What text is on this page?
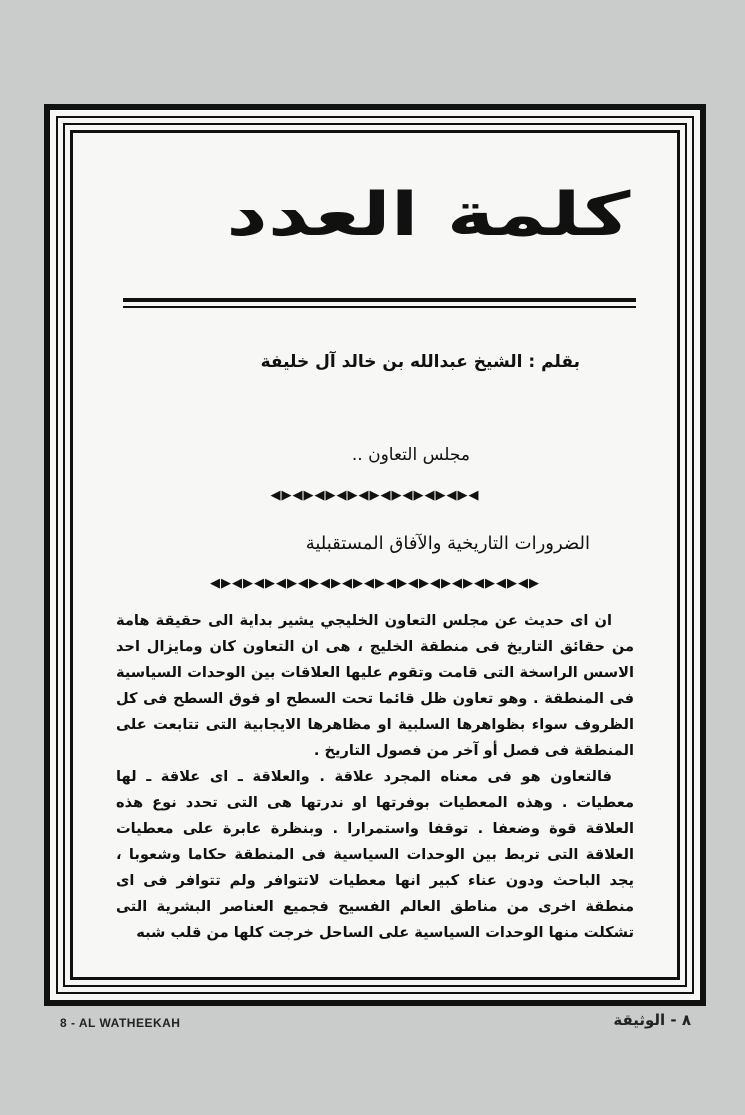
كلمة العدد
بقلم : الشيخ عبدالله بن خالد آل خليفة
مجلس التعاون ..
◀▶◀▶◀▶◀▶◀▶◀▶◀▶◀▶◀▶◀
الضرورات التاريخية والآفاق المستقبلية
◀▶◀▶◀▶◀▶◀▶◀▶◀▶◀▶◀▶◀▶◀▶◀▶◀▶◀▶◀▶

ان اى حديث عن مجلس التعاون الخليجي يشير بداية الى حقيقة هامة من حقائق التاريخ فى منطقة الخليج ، هى ان التعاون كان ومايزال احد الاسس الراسخة التى قامت وتقوم عليها العلاقات بين الوحدات السياسية فى المنطقة . وهو تعاون ظل قائما تحت السطح او فوق السطح فى كل الظروف سواء بظواهرها السلبية او مظاهرها الايجابية التى تتابعت على المنطقة فى فصل أو آخر من فصول التاريخ .

فالتعاون هو فى معناه المجرد علاقة . والعلاقة ـ اى علاقة ـ لها معطيات . وهذه المعطيات بوفرتها او ندرتها هى التى تحدد نوع هذه العلاقة قوة وضعفا . توقفا واستمرارا . وبنظرة عابرة على معطيات العلاقة التى تربط بين الوحدات السياسية فى المنطقة حكاما وشعوبا ، يجد الباحث ودون عناء كبير انها معطيات لاتتوافر ولم تتوافر فى اى منطقة اخرى من مناطق العالم الفسيح فجميع العناصر البشرية التى تشكلت منها الوحدات السياسية على الساحل خرجت كلها من قلب شبه

8 - AL WATHEEKAH	٨ - الوثيقة
